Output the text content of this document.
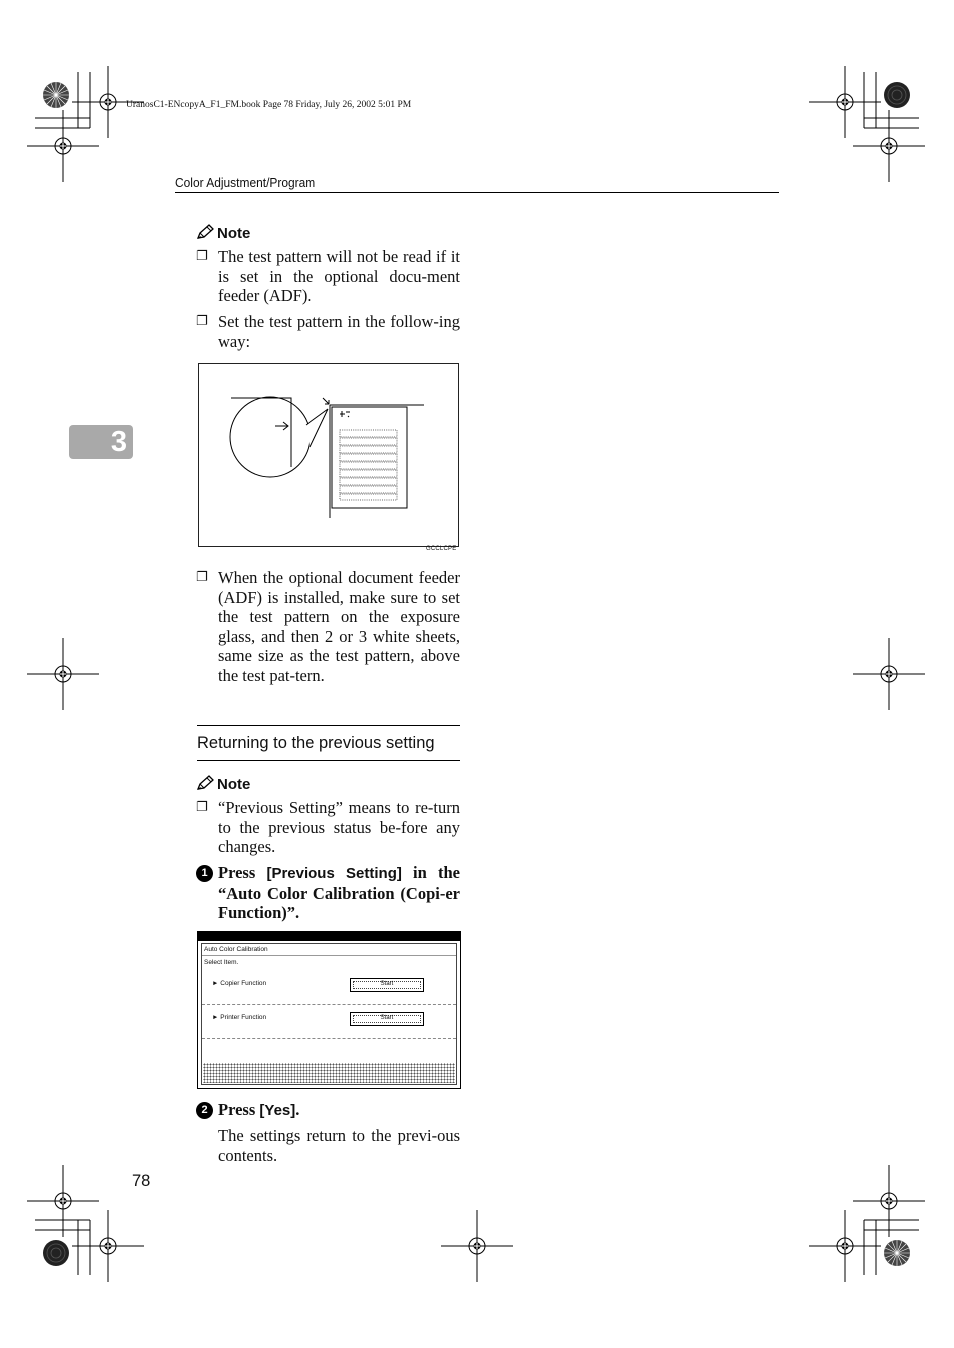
UranosC1-ENcopyA_F1_FM.book Page 78 Friday, July 26, 2002 5:01 PM
Color Adjustment/Program
3
Note
❐ The test pattern will not be read if it is set in the optional docu-ment feeder (ADF).
❐ Set the test pattern in the follow-ing way:
GCCLCPE
❐ When the optional document feeder (ADF) is installed, make sure to set the test pattern on the exposure glass, and then 2 or 3 white sheets, same size as the test pattern, above the test pat-tern.
Returning to the previous setting
Note
❐ “Previous Setting” means to re-turn to the previous status be-fore any changes.
1 Press [Previous Setting] in the “Auto Color Calibration (Copi-er Function)”.
Auto Color Calibration
Select Item.
► Copier Function	Start
► Printer Function	Start
2 Press [Yes].
The settings return to the previ-ous contents.
78
